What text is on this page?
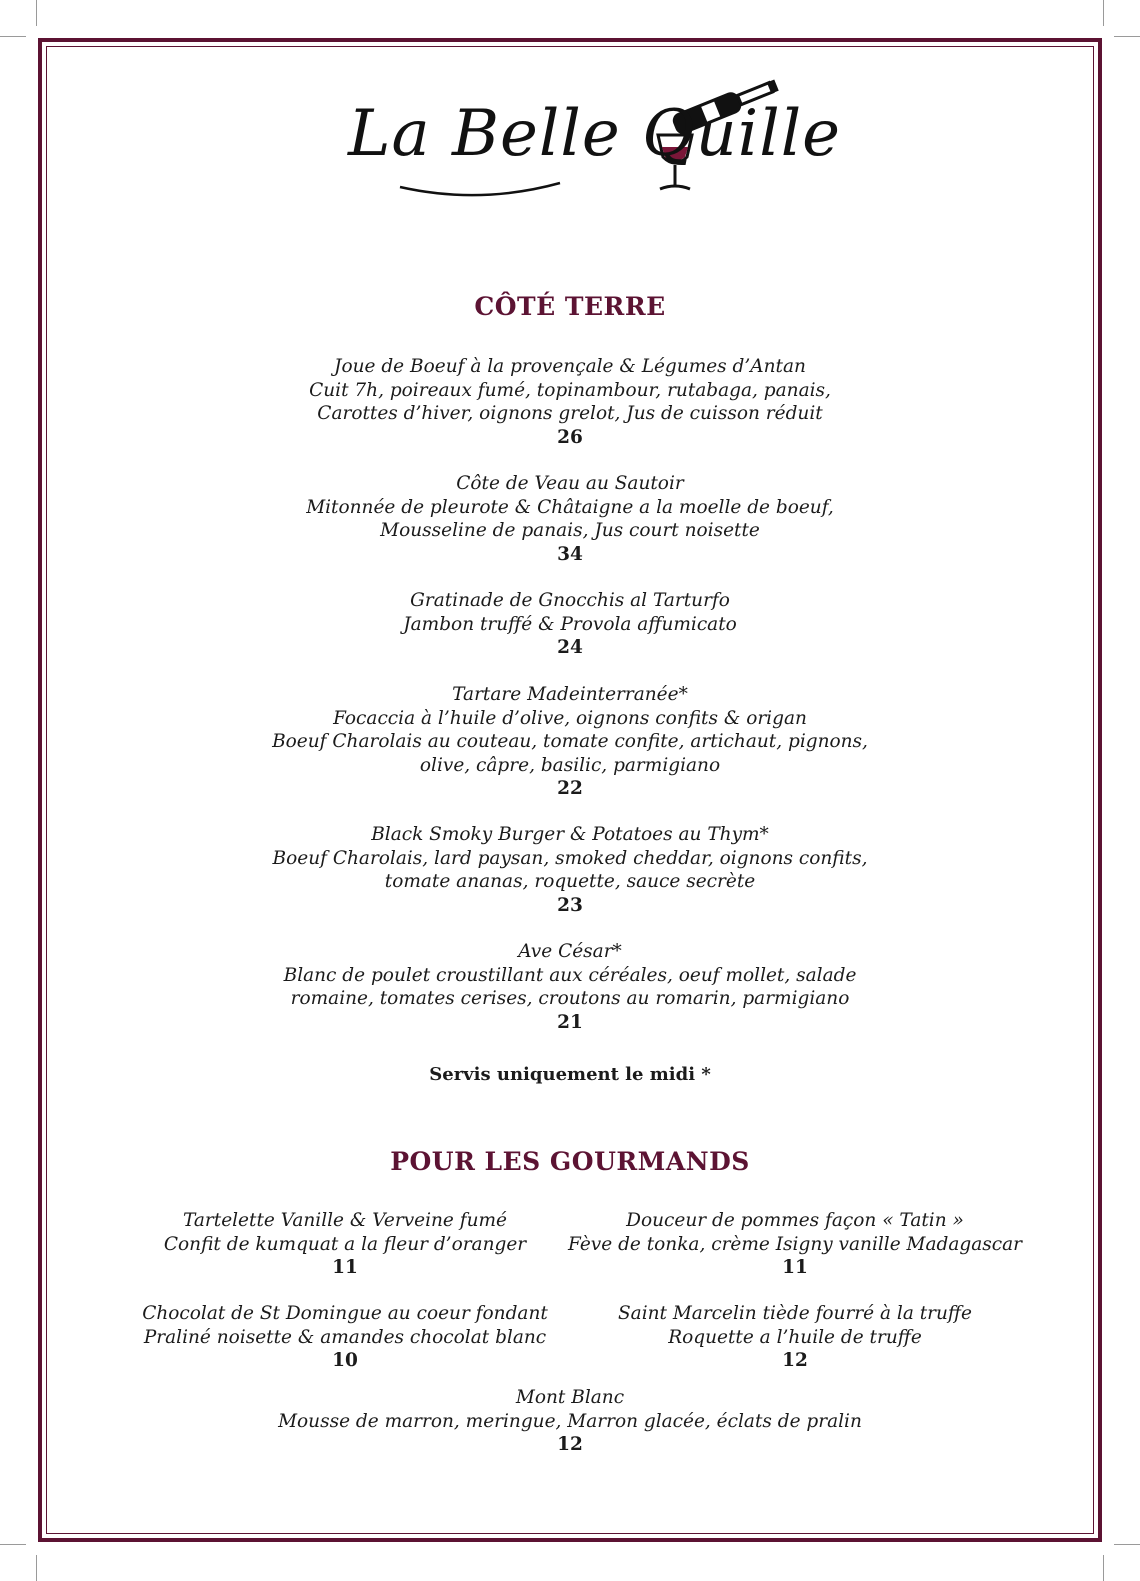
La Belle Quille
CÔTÉ TERRE
Joue de Boeuf à la provençale & Légumes d’Antan
Cuit 7h, poireaux fumé, topinambour, rutabaga, panais,
Carottes d’hiver, oignons grelot, Jus de cuisson réduit
26
Côte de Veau au Sautoir
Mitonnée de pleurote & Châtaigne a la moelle de boeuf,
Mousseline de panais, Jus court noisette
34
Gratinade de Gnocchis al Tarturfo
Jambon truffé & Provola affumicato
24
Tartare Madeinterranée*
Focaccia à l’huile d’olive, oignons confits & origan
Boeuf Charolais au couteau, tomate confite, artichaut, pignons,
olive, câpre, basilic, parmigiano
22
Black Smoky Burger & Potatoes au Thym*
Boeuf Charolais, lard paysan, smoked cheddar, oignons confits,
tomate ananas, roquette, sauce secrète
23
Ave César*
Blanc de poulet croustillant aux céréales, oeuf mollet, salade
romaine, tomates cerises, croutons au romarin, parmigiano
21
Servis uniquement le midi *
POUR LES GOURMANDS
Tartelette Vanille & Verveine fumé
Confit de kumquat a la fleur d’oranger
11
Douceur de pommes façon « Tatin »
Fève de tonka, crème Isigny vanille Madagascar
11
Chocolat de St Domingue au coeur fondant
Praliné noisette & amandes chocolat blanc
10
Saint Marcelin tiède fourré à la truffe
Roquette a l’huile de truffe
12
Mont Blanc
Mousse de marron, meringue, Marron glacée, éclats de pralin
12
